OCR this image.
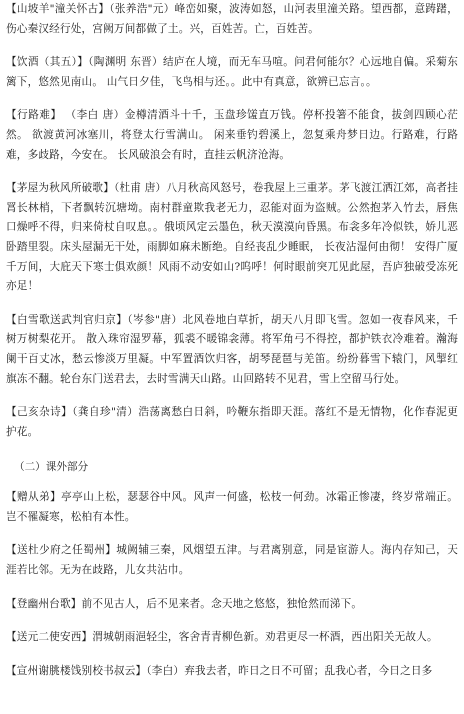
【山坡羊"潼关怀古】（张养浩"元）峰峦如聚，波涛如怒，山河表里潼关路。望西都，意踌躇，伤心秦汉经行处，宫阙万间都做了土。兴，百姓苦。亡，百姓苦。

【饮酒（其五）】（陶渊明 东晋）结庐在人境，而无车马喧。问君何能尔？心远地自偏。采菊东篱下，悠然见南山。 山气日夕佳，飞鸟相与还。。此中有真意，欲辨已忘言。。

【行路难】 （李白 唐）金樽清酒斗十千，玉盘珍馐直万钱。停杯投箸不能食，拔剑四顾心茫然。 欲渡黄河冰塞川，将登太行雪满山。 闲来垂钓碧溪上，忽复乘舟梦日边。行路难，行路难，多歧路，今安在。 长风破浪会有时，直挂云帆济沧海。

【茅屋为秋风所破歌】（杜甫 唐）八月秋高风怒号，卷我屋上三重茅。茅飞渡江洒江郊，高者挂罥长林梢，下者飘转沉塘坳。南村群童欺我老无力，忍能对面为盗贼。公然抱茅入竹去，唇焦口燥呼不得，归来倚杖自叹息。。俄顷风定云墨色，秋天漠漠向昏黑。布衾多年冷似铁，娇儿恶卧踏里裂。床头屋漏无干处，雨脚如麻未断绝。自经丧乱少睡眠， 长夜沾湿何由彻！ 安得广厦千万间，大庇天下寒士俱欢颜！风雨不动安如山?呜呼！何时眼前突兀见此屋，吾庐独破受冻死亦足！

【白雪歌送武判官归京】（岑参"唐）北风卷地白草折，胡天八月即飞雪。忽如一夜春风来，千树万树梨花开。 散入珠帘湿罗幕，狐裘不暖锦衾薄。将军角弓不得控，都护铁衣冷难着。瀚海阑干百丈冰，愁云惨淡万里凝。中军置酒饮归客，胡琴琵琶与羌笛。纷纷暮雪下辕门，风掣红旗冻不翻。轮台东门送君去，去时雪满天山路。山回路转不见君，雪上空留马行处。

【己亥杂诗】（龚自珍"清）浩荡离愁白日斜，吟鞭东指即天涯。落红不是无情物，化作春泥更护花。

（二）课外部分

【赠从弟】亭亭山上松，瑟瑟谷中风。风声一何盛，松枝一何劲。冰霜正惨凄，终岁常端正。岂不罹凝寒，松柏有本性。

【送杜少府之任蜀州】城阙辅三秦，风烟望五津。与君离别意，同是宦游人。海内存知己，天涯若比邻。无为在歧路，儿女共沾巾。

【登幽州台歌】前不见古人，后不见来者。念天地之悠悠，独怆然而涕下。

【送元二使安西】渭城朝雨浥轻尘，客舍青青柳色新。劝君更尽一杯酒，西出阳关无故人。

【宣州谢朓楼饯别校书叔云】（李白）弃我去者，昨日之日不可留；乱我心者，今日之日多
